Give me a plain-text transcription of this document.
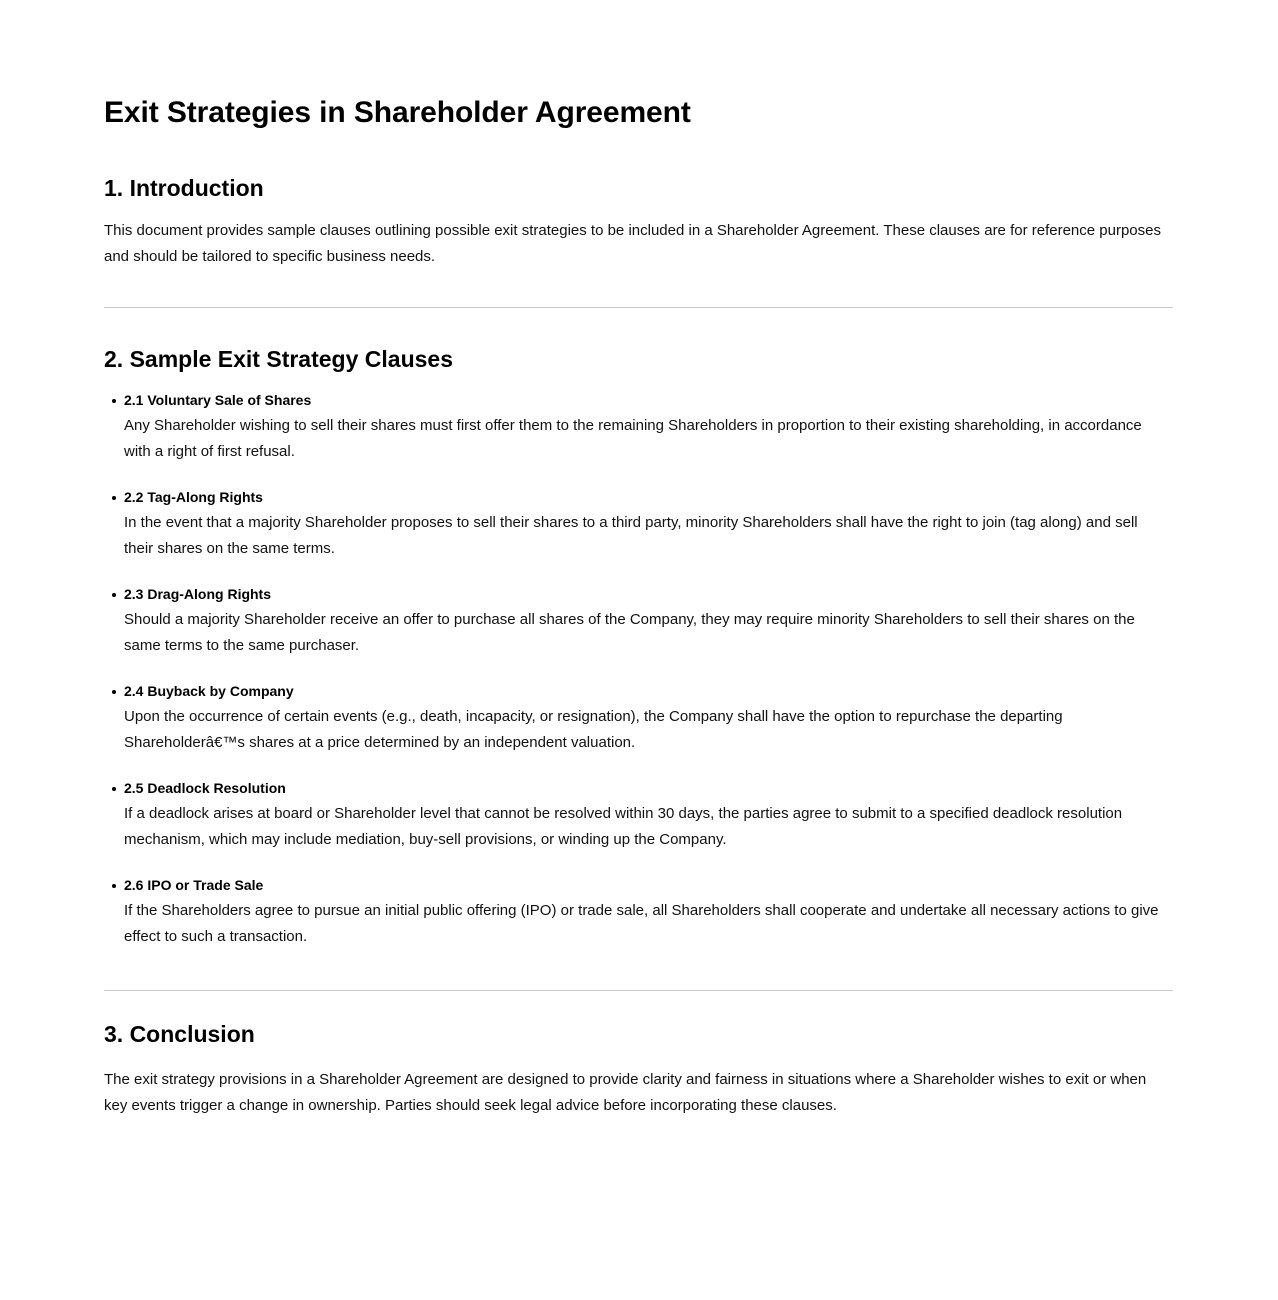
Exit Strategies in Shareholder Agreement
1. Introduction

This document provides sample clauses outlining possible exit strategies to be included in a Shareholder Agreement. These clauses are for reference purposes and should be tailored to specific business needs.

2. Sample Exit Strategy Clauses
2.1 Voluntary Sale of Shares
Any Shareholder wishing to sell their shares must first offer them to the remaining Shareholders in proportion to their existing shareholding, in accordance with a right of first refusal.
2.2 Tag-Along Rights
In the event that a majority Shareholder proposes to sell their shares to a third party, minority Shareholders shall have the right to join (tag along) and sell their shares on the same terms.
2.3 Drag-Along Rights
Should a majority Shareholder receive an offer to purchase all shares of the Company, they may require minority Shareholders to sell their shares on the same terms to the same purchaser.
2.4 Buyback by Company
Upon the occurrence of certain events (e.g., death, incapacity, or resignation), the Company shall have the option to repurchase the departing Shareholderâ€™s shares at a price determined by an independent valuation.
2.5 Deadlock Resolution
If a deadlock arises at board or Shareholder level that cannot be resolved within 30 days, the parties agree to submit to a specified deadlock resolution mechanism, which may include mediation, buy-sell provisions, or winding up the Company.
2.6 IPO or Trade Sale
If the Shareholders agree to pursue an initial public offering (IPO) or trade sale, all Shareholders shall cooperate and undertake all necessary actions to give effect to such a transaction.
3. Conclusion

The exit strategy provisions in a Shareholder Agreement are designed to provide clarity and fairness in situations where a Shareholder wishes to exit or when key events trigger a change in ownership. Parties should seek legal advice before incorporating these clauses.
